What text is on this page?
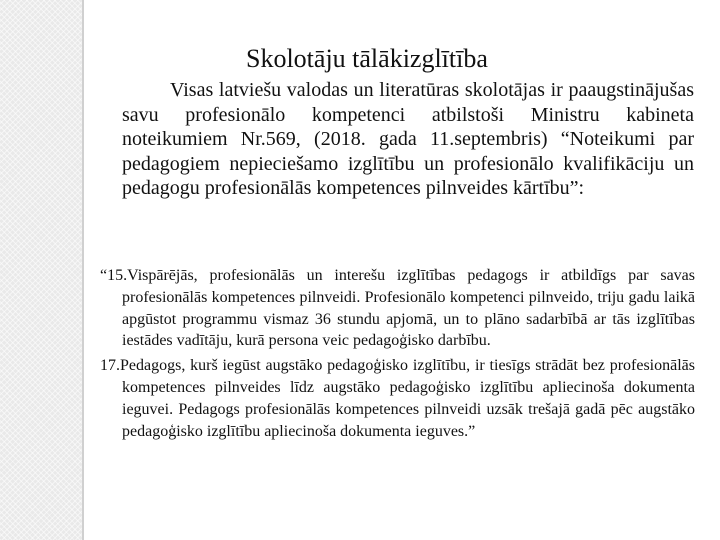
Skolotāju tālākizglītība

Visas latviešu valodas un literatūras skolotājas ir paaugstinājušas savu profesionālo kompetenci atbilstoši Ministru kabineta noteikumiem Nr.569, (2018. gada 11.septembris) “Noteikumi par pedagogiem nepieciešamo izglītību un profesionālo kvalifikāciju un pedagogu profesionālās kompetences pilnveides kārtību”:

“15.Vispārējās, profesionālās un interešu izglītības pedagogs ir atbildīgs par savas profesionālās kompetences pilnveidi. Profesionālo kompetenci pilnveido, triju gadu laikā apgūstot programmu vismaz 36 stundu apjomā, un to plāno sadarbībā ar tās izglītības iestādes vadītāju, kurā persona veic pedagoģisko darbību.

17.Pedagogs, kurš iegūst augstāko pedagoģisko izglītību, ir tiesīgs strādāt bez profesionālās kompetences pilnveides līdz augstāko pedagoģisko izglītību apliecinoša dokumenta ieguvei. Pedagogs profesionālās kompetences pilnveidi uzsāk trešajā gadā pēc augstāko pedagoģisko izglītību apliecinoša dokumenta ieguves.”
